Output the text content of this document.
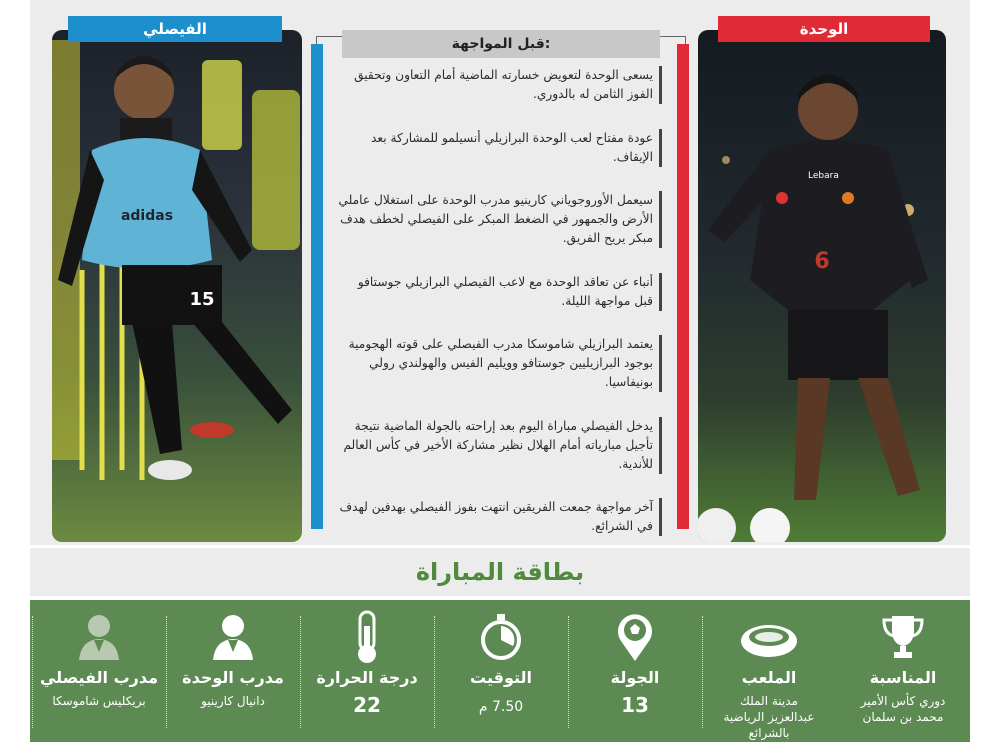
adidas
15
Lebara
6
الفيصلي	الوحدة
قبل المواجهة:

يسعى الوحدة لتعويض خسارته الماضية أمام التعاون وتحقيق الفوز الثامن له بالدوري.

عودة مفتاح لعب الوحدة البرازيلي أنسيلمو للمشاركة بعد الإيقاف.

سيعمل الأوروجوياني كارينيو مدرب الوحدة على استغلال عاملي الأرض والجمهور في الضغط المبكر على الفيصلي لخطف هدف مبكر يريح الفريق.

أنباء عن تعاقد الوحدة مع لاعب الفيصلي البرازيلي جوستافو قبل مواجهة الليلة.

يعتمد البرازيلي شاموسكا مدرب الفيصلي على قوته الهجومية بوجود البرازيليين جوستافو وويليم الفيس والهولندي رولي بونيفاسيا.

يدخل الفيصلي مباراة اليوم بعد إراحته بالجولة الماضية نتيجة تأجيل مبارياته أمام الهلال نظير مشاركة الأخير في كأس العالم للأندية.

آخر مواجهة جمعت الفريقين انتهت بفوز الفيصلي بهدفين لهدف في الشرائع.

بطاقة المباراة
المناسبة
دوري كأس الأمير
محمد بن سلمان
الملعب
مدينة الملك
عبدالعزيز الرياضية
بالشرائع
الجولة
13
التوقيت
7.50 م
درجة الحرارة
22
مدرب الوحدة
دانيال كارينيو
مدرب الفيصلي
بريكليس شاموسكا
